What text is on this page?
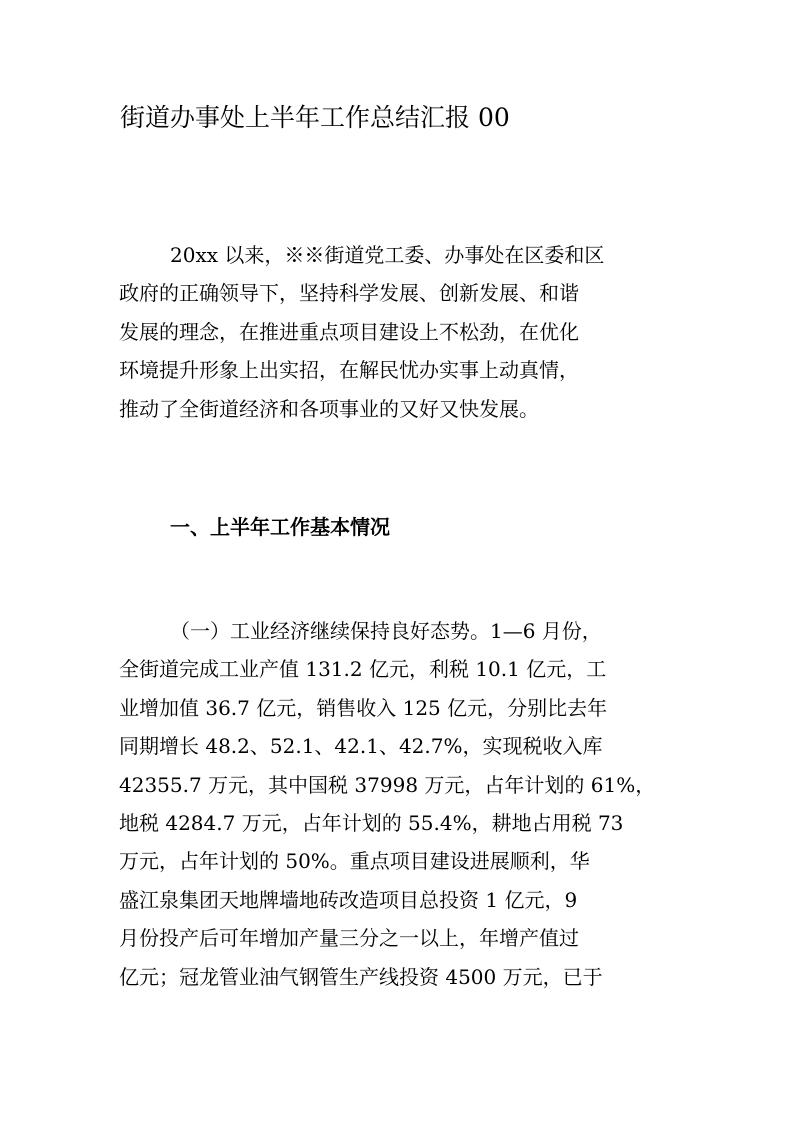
街道办事处上半年工作总结汇报 00
20xx 以来，※※街道党工委、办事处在区委和区
政府的正确领导下，坚持科学发展、创新发展、和谐
发展的理念，在推进重点项目建设上不松劲，在优化
环境提升形象上出实招，在解民忧办实事上动真情，
推动了全街道经济和各项事业的又好又快发展。
一、上半年工作基本情况
（一）工业经济继续保持良好态势。1—6 月份，
全街道完成工业产值 131.2 亿元，利税 10.1 亿元，工
业增加值 36.7 亿元，销售收入 125 亿元，分别比去年
同期增长 48.2、52.1、42.1、42.7%，实现税收入库
42355.7 万元，其中国税 37998 万元，占年计划的 61%，
地税 4284.7 万元，占年计划的 55.4%，耕地占用税 73
万元，占年计划的 50%。重点项目建设进展顺利，华
盛江泉集团天地牌墙地砖改造项目总投资 1 亿元，9
月份投产后可年增加产量三分之一以上，年增产值过
亿元；冠龙管业油气钢管生产线投资 4500 万元，已于
